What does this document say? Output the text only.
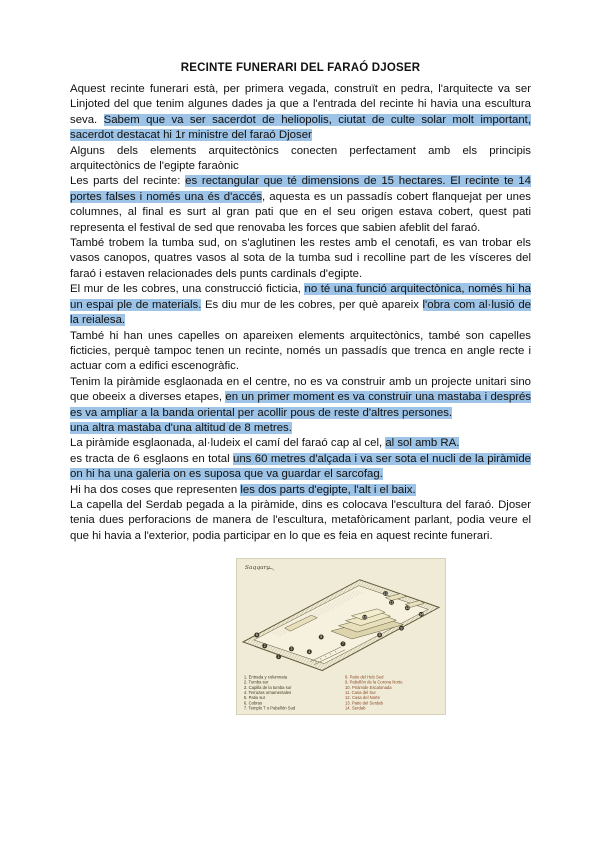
RECINTE FUNERARI DEL FARAÓ DJOSER

Aquest recinte funerari està, per primera vegada, construït en pedra, l'arquitecte va ser Linjoted del que tenim algunes dades ja que a l'entrada del recinte hi havia una escultura seva. Sabem que va ser sacerdot de heliopolis, ciutat de culte solar molt important, sacerdot destacat hi 1r ministre del faraó Djoser

Alguns dels elements arquitectònics conecten perfectament amb els principis arquitectònics de l'egipte faraònic

Les parts del recinte: es rectangular que té dimensions de 15 hectares. El recinte te 14 portes falses i només una és d'accés, aquesta es un passadís cobert flanquejat per unes columnes, al final es surt al gran pati que en el seu origen estava cobert, quest pati representa el festival de sed que renovaba les forces que sabien afeblit del faraó.

També trobem la tumba sud, on s'aglutinen les restes amb el cenotafi, es van trobar els vasos canopos, quatres vasos al sota de la tumba sud i recolline part de les vísceres del faraó i estaven relacionades dels punts cardinals d'egipte.

El mur de les cobres, una construcció ficticia, no té una funció arquitectònica, només hi ha un espai ple de materials. Es diu mur de les cobres, per què apareix l'obra com al·lusió de la reialesa.

També hi han unes capelles on apareixen elements arquitectònics, també son capelles ficticies, perquè tampoc tenen un recinte, només un passadís que trenca en angle recte i actuar com a edifici escenogràfic.

Tenim la piràmide esglaonada en el centre, no es va construir amb un projecte unitari sino que obeeix a diverses etapes, en un primer moment es va construir una mastaba i després es va ampliar a la banda oriental per acollir pous de reste d'altres persones.

una altra mastaba d'una altitud de 8 metres.

La piràmide esglaonada, al·ludeix el camí del faraó cap al cel, al sol amb RA.

es tracta de 6 esglaons en total uns 60 metres d'alçada i va ser sota el nucli de la piràmide on hi ha una galeria on es suposa que va guardar el sarcofag.

Hi ha dos coses que representen les dos parts d'egipte, l'alt i el baix.

La capella del Serdab pegada a la piràmide, dins es colocava l'escultura del faraó. Djoser tenia dues perforacions de manera de l'escultura, metafòricament parlant, podia veure el que hi havia a l'exterior, podia participar en lo que es feia en aquest recinte funerari.

Saqqara
1
2
3
4
5
6
7
8
9
10
11
12
13
14
1. Entrada y columnata
2. Tumba sur
3. Capilla de la tumba sur
4. Terrazas ornamentales
5. Patio sur
6. Cobras
7. Templo T o Pabellón Sud
8. Patio del Heb Sed
9. Pabellón de la Corona Norte
10. Pirámide Escalonada
11. Casa del Sur
12. Casa del Norte
13. Patio del Serdab
14. Serdab
